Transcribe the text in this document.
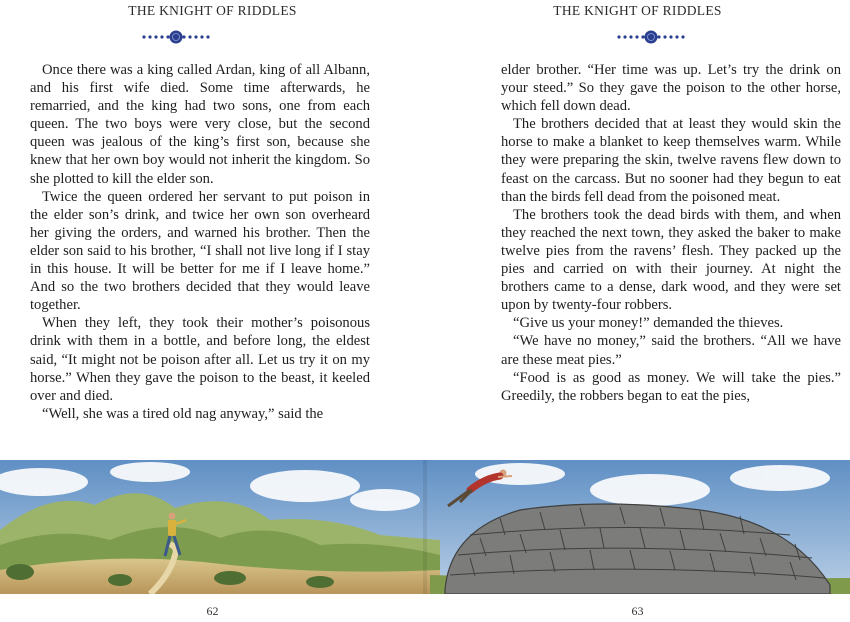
THE KNIGHT OF RIDDLES

Once there was a king called Ardan, king of all Albann, and his first wife died. Some time afterwards, he remarried, and the king had two sons, one from each queen. The two boys were very close, but the second queen was jealous of the king’s first son, because she knew that her own boy would not inherit the kingdom. So she plotted to kill the elder son.

Twice the queen ordered her servant to put poison in the elder son’s drink, and twice her own son overheard her giving the orders, and warned his brother. Then the elder son said to his brother, “I shall not live long if I stay in this house. It will be better for me if I leave home.” And so the two brothers decided that they would leave together.

When they left, they took their mother’s poisonous drink with them in a bottle, and before long, the eldest said, “It might not be poison after all. Let us try it on my horse.” When they gave the poison to the beast, it keeled over and died.

“Well, she was a tired old nag anyway,” said the

62
THE KNIGHT OF RIDDLES

elder brother. “Her time was up. Let’s try the drink on your steed.” So they gave the poison to the other horse, which fell down dead.

The brothers decided that at least they would skin the horse to make a blanket to keep themselves warm. While they were preparing the skin, twelve ravens flew down to feast on the carcass. But no sooner had they begun to eat than the birds fell dead from the poisoned meat.

The brothers took the dead birds with them, and when they reached the next town, they asked the baker to make twelve pies from the ravens’ flesh. They packed up the pies and carried on with their journey. At night the brothers came to a dense, dark wood, and they were set upon by twenty-four robbers.

“Give us your money!” demanded the thieves.

“We have no money,” said the brothers. “All we have are these meat pies.”

“Food is as good as money. We will take the pies.” Greedily, the robbers began to eat the pies,

63
